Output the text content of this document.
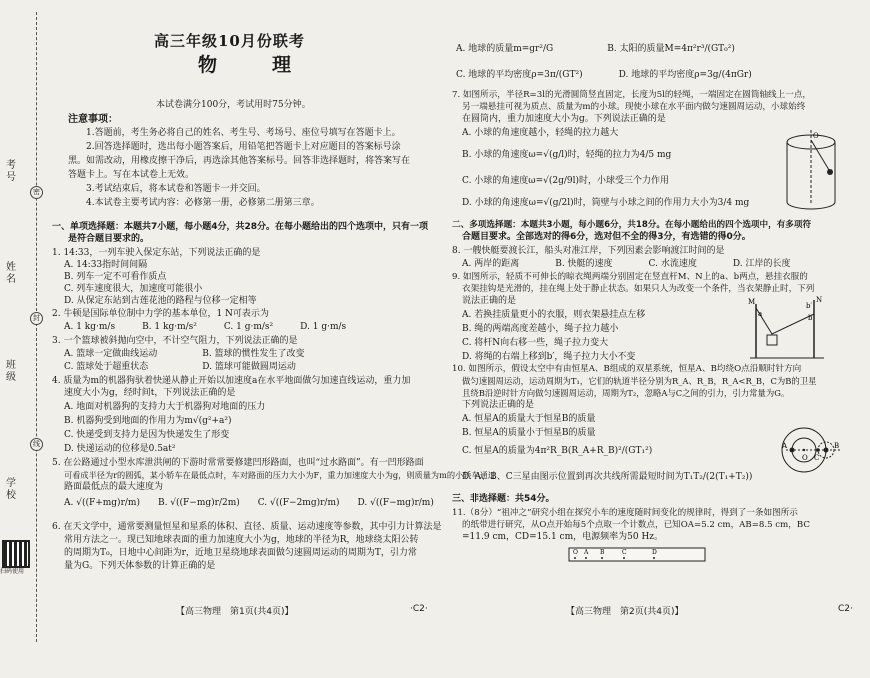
考号
姓名
班级
学校
密
封
线
扫码使用
高三年级10月份联考
物　理
本试卷满分100分，考试用时75分钟。
注意事项：
1.答题前，考生务必将自己的姓名、考生号、考场号、座位号填写在答题卡上。
2.回答选择题时，选出每小题答案后，用铅笔把答题卡上对应题目的答案标号涂
黑。如需改动，用橡皮擦干净后，再选涂其他答案标号。回答非选择题时，将答案写在
答题卡上。写在本试卷上无效。
3.考试结束后，将本试卷和答题卡一并交回。
4.本试卷主要考试内容：必修第一册，必修第二册第三章。
一、单项选择题：本题共7小题，每小题4分，共28分。在每小题给出的四个选项中，只有一项
是符合题目要求的。
1. 14:33，一列车驶入保定东站，下列说法正确的是
A. 14:33指时间间隔
B. 列车一定不可看作质点
C. 列车速度很大，加速度可能很小
D. 从保定东站到古莲花池的路程与位移一定相等
2. 牛顿是国际单位制中力学的基本单位，1 N可表示为
A. 1 kg·m/s　　　B. 1 kg·m/s²　　　C. 1 g·m/s²　　　D. 1 g·m/s
3. 一个篮球被斜抛向空中，不计空气阻力，下列说法正确的是
A. 篮球一定做曲线运动　　　　　B. 篮球的惯性发生了改变
C. 篮球处于超重状态　　　　　　D. 篮球可能做圆周运动
4. 质量为m的机器狗驮着快递从静止开始以加速度a在水平地面做匀加速直线运动，重力加
速度大小为g，经时间t，下列说法正确的是
A. 地面对机器狗的支持力大于机器狗对地面的压力
B. 机器狗受到地面的作用力为m√(g²+a²)
C. 快递受到支持力是因为快递发生了形变
D. 快递运动的位移是0.5at²
5. 在公路通过小型水库泄洪闸的下游时常常要修建凹形路面，也叫“过水路面”。有一凹形路面
可看成半径为r的圆弧，某小轿车在最低点时，车对路面的压力大小为F，重力加速度大小为g，则质量为m的小轿车通过
路面最低点的最大速度为
A. √((F+mg)r/m)　　B. √((F−mg)r/2m)　　C. √((F−2mg)r/m)　　D. √((F−mg)r/m)
6. 在天文学中，通常要测量恒星和星系的体积、直径、质量、运动速度等参数，其中引力计算法是
常用方法之一。现已知地球表面的重力加速度大小为g，地球的半径为R，地球绕太阳公转
的周期为T₀，日地中心间距为r，近地卫星绕地球表面做匀速圆周运动的周期为T，引力常
量为G。下列天体参数的计算正确的是
【高三物理　第1页(共4页)】	·C2·
A. 地球的质量m=gr²/G　　　　　　B. 太阳的质量M=4π²r³/(GT₀²)
C. 地球的平均密度ρ=3π/(GT²)　　　　D. 地球的平均密度ρ=3g/(4πGr)
7. 如图所示，半径R=3l的光滑圆筒竖直固定，长度为5l的轻绳，一端固定在圆筒轴线上一点，
另一端悬挂可视为质点、质量为m的小球。现使小球在水平面内做匀速圆周运动，小球始终
在圆筒内，重力加速度大小为g。下列说法正确的是
A. 小球的角速度越小，轻绳的拉力越大
B. 小球的角速度ω=√(g/l)时，轻绳的拉力为4/5 mg
C. 小球的角速度ω=√(2g/9l)时，小球受三个力作用
D. 小球的角速度ω=√(g/2l)时，筒壁与小球之间的作用力大小为3/4 mg
O
二、多项选择题：本题共3小题，每小题6分，共18分。在每小题给出的四个选项中，有多项符
合题目要求。全部选对的得6分，选对但不全的得3分，有选错的得0分。
8. 一艘快艇要渡长江，船头对准江岸，下列因素会影响渡江时间的是
A. 两岸的距离　　　　B. 快艇的速度　　　　C. 水流速度　　　　D. 江岸的长度
9. 如图所示，轻质不可伸长的晾衣绳两端分别固定在竖直杆M、N上的a、b两点，悬挂衣服的
衣架挂钩是光滑的，挂在绳上处于静止状态。如果只人为改变一个条件，当衣架静止时，下列
说法正确的是
A. 若换挂质量更小的衣服，则衣架悬挂点左移
B. 绳的两端高度差越小，绳子拉力越小
C. 将杆N向右移一些，绳子拉力变大
D. 将绳的右端上移到b′，绳子拉力大小不变
M	N
a	b
b′
10. 如图所示，假设太空中有由恒星A、B组成的双星系统，恒星A、B均绕O点沿顺时针方向
做匀速圆周运动，运动周期为T₁，它们的轨道半径分别为R_A、R_B，R_A<R_B，C为B的卫星
且绕B沿逆时针方向做匀速圆周运动，周期为T₂，忽略A与C之间的引力，引力常量为G。
下列说法正确的是
A. 恒星A的质量大于恒星B的质量
B. 恒星A的质量小于恒星B的质量
C. 恒星A的质量为4π²R_B(R_A+R_B)²/(GT₁²)
D. A、B、C三星由图示位置到再次共线所需最短时间为T₁T₂/(2(T₁+T₂))
A
O C
B
三、非选择题：共54分。
11.（8分）“祖冲之”研究小组在探究小车的速度随时间变化的规律时，得到了一条如图所示
的纸带进行研究，从O点开始每5个点取一个计数点，已知OA=5.2 cm，AB=8.5 cm，BC
=11.9 cm，CD=15.1 cm，电源频率为50 Hz。
O A B	C	D
【高三物理　第2页(共4页)】	C2·
